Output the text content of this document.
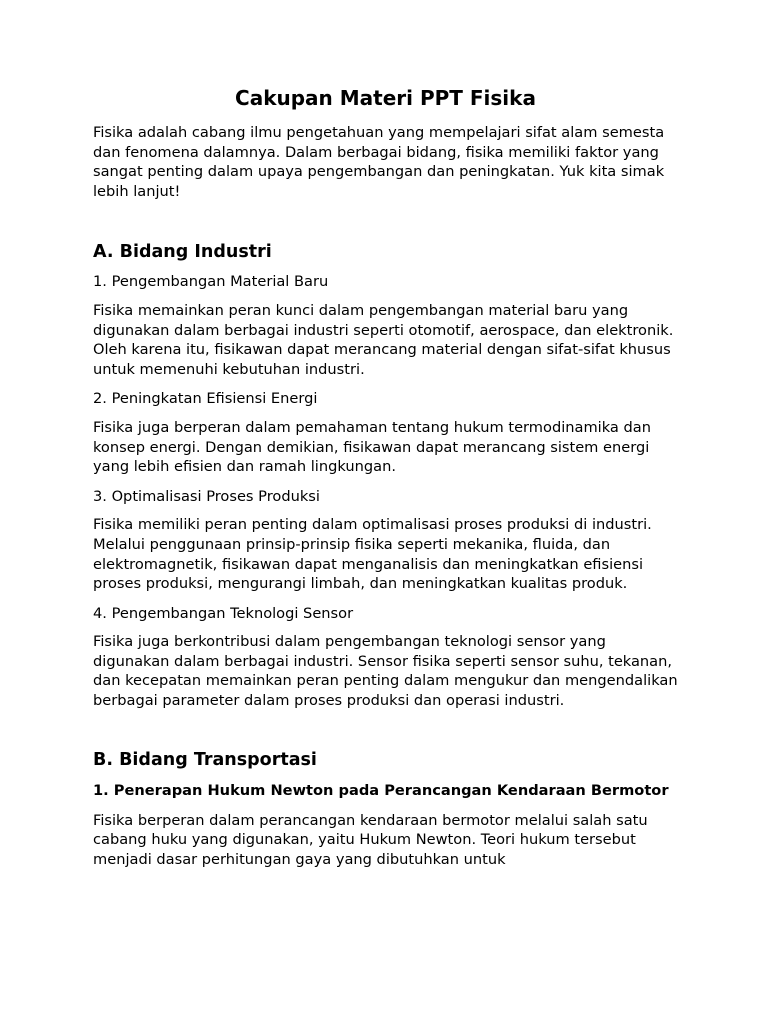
Cakupan Materi PPT Fisika

Fisika adalah cabang ilmu pengetahuan yang mempelajari sifat alam semesta dan fenomena dalamnya. Dalam berbagai bidang, fisika memiliki faktor yang sangat penting dalam upaya pengembangan dan peningkatan. Yuk kita simak lebih lanjut!

A. Bidang Industri

1. Pengembangan Material Baru

Fisika memainkan peran kunci dalam pengembangan material baru yang digunakan dalam berbagai industri seperti otomotif, aerospace, dan elektronik. Oleh karena itu, fisikawan dapat merancang material dengan sifat-sifat khusus untuk memenuhi kebutuhan industri.

2. Peningkatan Efisiensi Energi

Fisika juga berperan dalam pemahaman tentang hukum termodinamika dan konsep energi. Dengan demikian, fisikawan dapat merancang sistem energi yang lebih efisien dan ramah lingkungan.

3. Optimalisasi Proses Produksi

Fisika memiliki peran penting dalam optimalisasi proses produksi di industri. Melalui penggunaan prinsip-prinsip fisika seperti mekanika, fluida, dan elektromagnetik, fisikawan dapat menganalisis dan meningkatkan efisiensi proses produksi, mengurangi limbah, dan meningkatkan kualitas produk.

4. Pengembangan Teknologi Sensor

Fisika juga berkontribusi dalam pengembangan teknologi sensor yang digunakan dalam berbagai industri. Sensor fisika seperti sensor suhu, tekanan, dan kecepatan memainkan peran penting dalam mengukur dan mengendalikan berbagai parameter dalam proses produksi dan operasi industri.

B. Bidang Transportasi
1. Penerapan Hukum Newton pada Perancangan Kendaraan Bermotor

Fisika berperan dalam perancangan kendaraan bermotor melalui salah satu cabang huku yang digunakan, yaitu Hukum Newton. Teori hukum tersebut menjadi dasar perhitungan gaya yang dibutuhkan untuk
